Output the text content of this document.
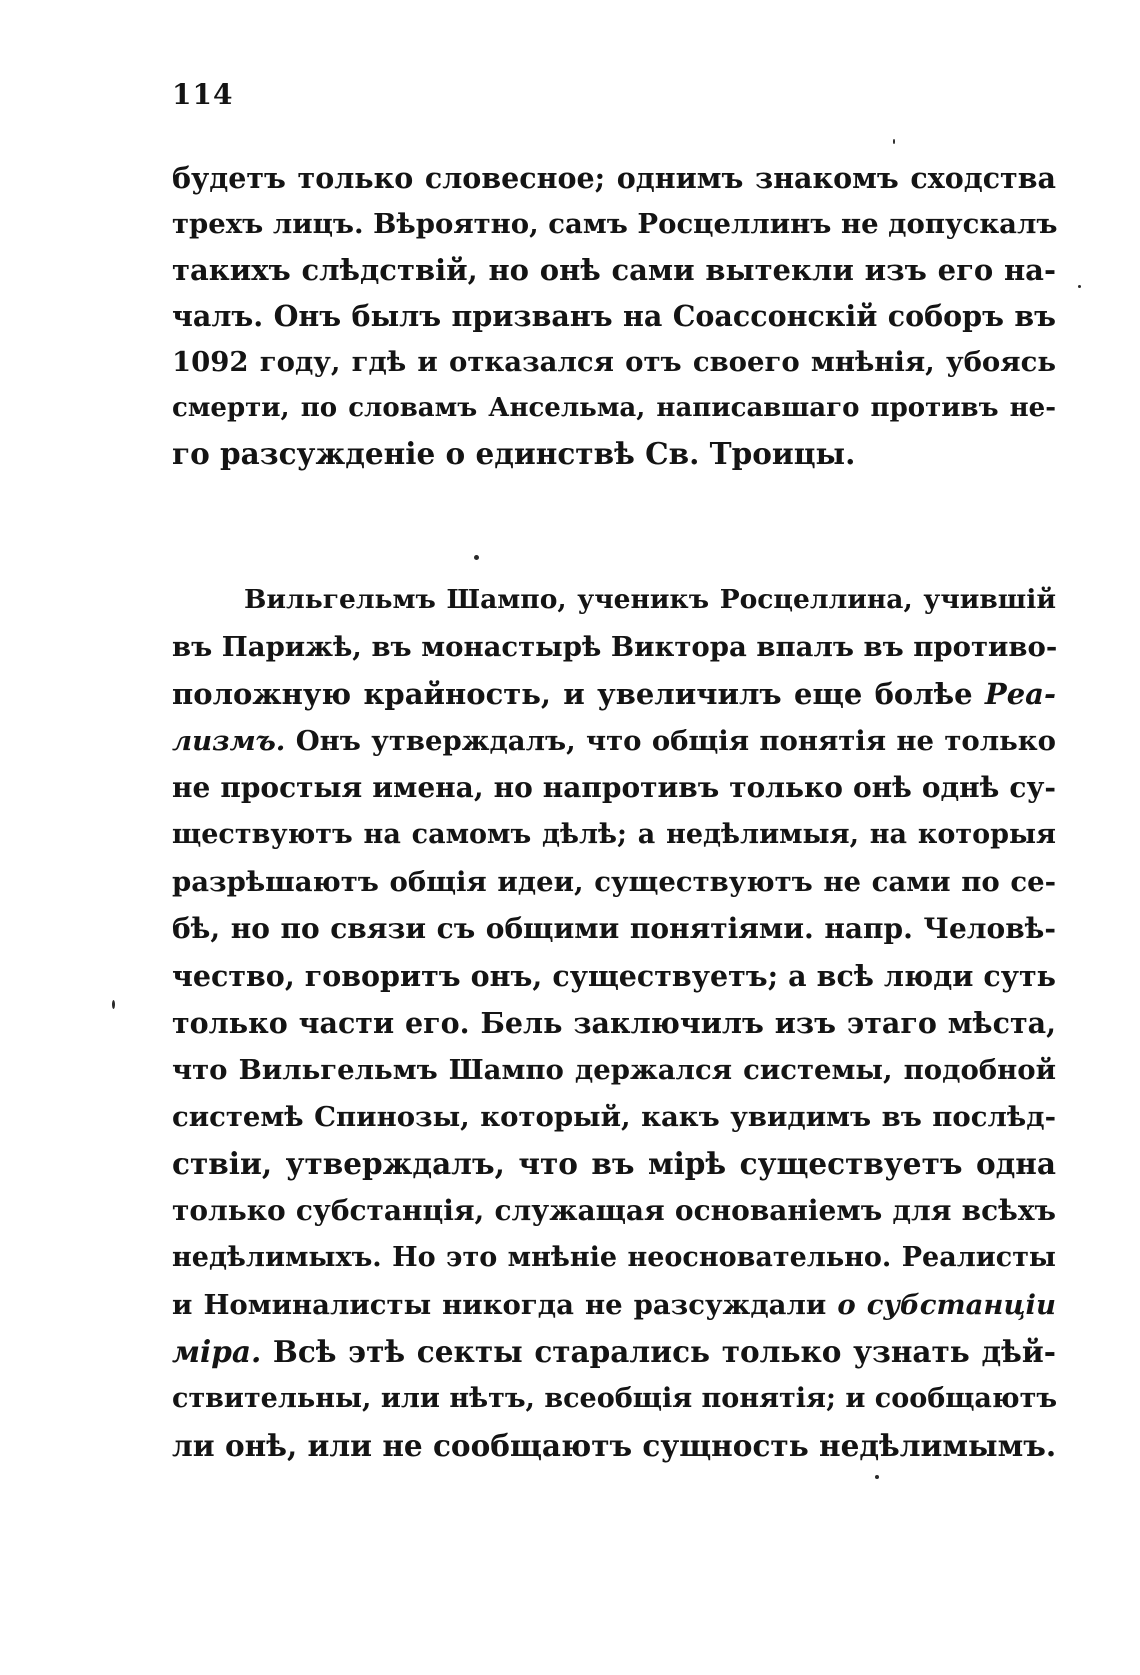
114
будетъ только словесное; однимъ знакомъ сходства
трехъ лицъ. Вѣроятно, самъ Росцеллинъ не допускалъ
такихъ слѣдствій, но онѣ сами вытекли изъ его на-
чалъ. Онъ былъ призванъ на Соассонскій соборъ въ
1092 году, гдѣ и отказался отъ своего мнѣнія, убоясь
смерти, по словамъ Ансельма, написавшаго противъ не-
го разсужденіе о единствѣ Св. Троицы.
Вильгельмъ Шампо, ученикъ Росцеллина, учившій
въ Парижѣ, въ монастырѣ Виктора впалъ въ противо-
положную крайность, и увеличилъ еще болѣе Реа-
лизмъ. Онъ утверждалъ, что общія понятія не только
не простыя имена, но напротивъ только онѣ однѣ су-
ществуютъ на самомъ дѣлѣ; а недѣлимыя, на которыя
разрѣшаютъ общія идеи, существуютъ не сами по се-
бѣ, но по связи съ общими понятіями. напр. Человѣ-
чество, говоритъ онъ, существуетъ; а всѣ люди суть
только части его. Бель заключилъ изъ этаго мѣста,
что Вильгельмъ Шампо держался системы, подобной
системѣ Спинозы, который, какъ увидимъ въ послѣд-
ствіи, утверждалъ, что въ мірѣ существуетъ одна
только субстанція, служащая основаніемъ для всѣхъ
недѣлимыхъ. Но это мнѣніе неосновательно. Реалисты
и Номиналисты никогда не разсуждали о субстанціи
міра. Всѣ этѣ секты старались только узнать дѣй-
ствительны, или нѣтъ, всеобщія понятія; и сообщаютъ
ли онѣ, или не сообщаютъ сущность недѣлимымъ.
